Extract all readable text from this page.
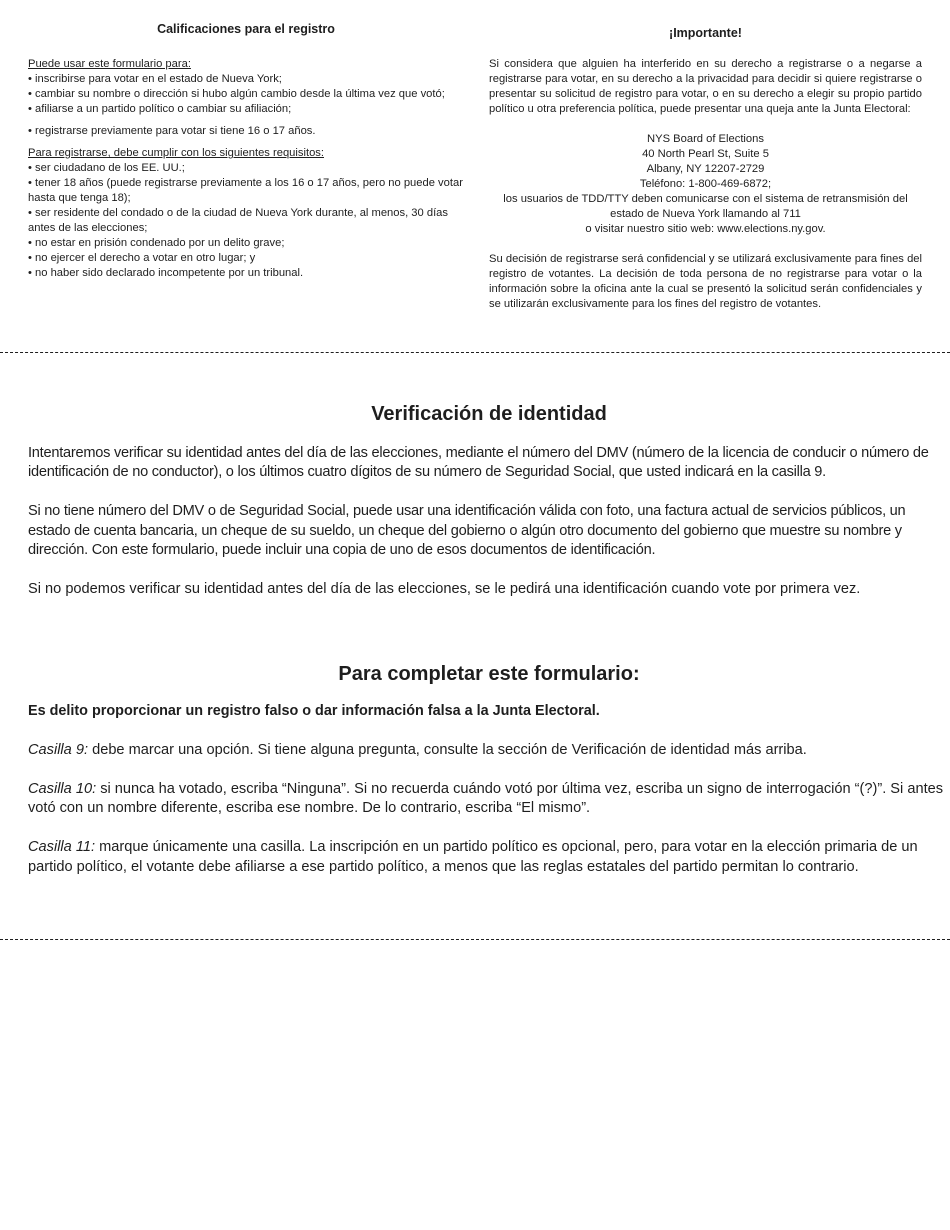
Calificaciones para el registro

Puede usar este formulario para:

• inscribirse para votar en el estado de Nueva York;
• cambiar su nombre o dirección si hubo algún cambio desde la última vez que votó;
• afiliarse a un partido político o cambiar su afiliación;
• registrarse previamente para votar si tiene 16 o 17 años.

Para registrarse, debe cumplir con los siguientes requisitos:

• ser ciudadano de los EE. UU.;
• tener 18 años (puede registrarse previamente a los 16 o 17 años, pero no puede votar hasta que tenga 18);
• ser residente del condado o de la ciudad de Nueva York durante, al menos, 30 días antes de las elecciones;
• no estar en prisión condenado por un delito grave;
• no ejercer el derecho a votar en otro lugar; y
• no haber sido declarado incompetente por un tribunal.
¡Importante!

Si considera que alguien ha interferido en su derecho a registrarse o a negarse a registrarse para votar, en su derecho a la privacidad para decidir si quiere registrarse o presentar su solicitud de registro para votar, o en su derecho a elegir su propio partido político u otra preferencia política, puede presentar una queja ante la Junta Electoral:

NYS Board of Elections
40 North Pearl St, Suite 5
Albany, NY 12207-2729
Teléfono: 1-800-469-6872;
los usuarios de TDD/TTY deben comunicarse con el sistema de retransmisión del estado de Nueva York llamando al 711
o visitar nuestro sitio web: www.elections.ny.gov.

Su decisión de registrarse será confidencial y se utilizará exclusivamente para fines del registro de votantes. La decisión de toda persona de no registrarse para votar o la información sobre la oficina ante la cual se presentó la solicitud serán confidenciales y se utilizarán exclusivamente para los fines del registro de votantes.

Verificación de identidad

Intentaremos verificar su identidad antes del día de las elecciones, mediante el número del DMV (número de la licencia de conducir o número de identificación de no conductor), o los últimos cuatro dígitos de su número de Seguridad Social, que usted indicará en la casilla 9.

Si no tiene número del DMV o de Seguridad Social, puede usar una identificación válida con foto, una factura actual de servicios públicos, un estado de cuenta bancaria, un cheque de su sueldo, un cheque del gobierno o algún otro documento del gobierno que muestre su nombre y dirección. Con este formulario, puede incluir una copia de uno de esos documentos de identificación.

Si no podemos verificar su identidad antes del día de las elecciones, se le pedirá una identificación cuando vote por primera vez.

Para completar este formulario:

Es delito proporcionar un registro falso o dar información falsa a la Junta Electoral.

Casilla 9: debe marcar una opción. Si tiene alguna pregunta, consulte la sección de Verificación de identidad más arriba.

Casilla 10: si nunca ha votado, escriba “Ninguna”. Si no recuerda cuándo votó por última vez, escriba un signo de interrogación “(?)”. Si antes votó con un nombre diferente, escriba ese nombre. De lo contrario, escriba “El mismo”.

Casilla 11: marque únicamente una casilla. La inscripción en un partido político es opcional, pero, para votar en la elección primaria de un partido político, el votante debe afiliarse a ese partido político, a menos que las reglas estatales del partido permitan lo contrario.
